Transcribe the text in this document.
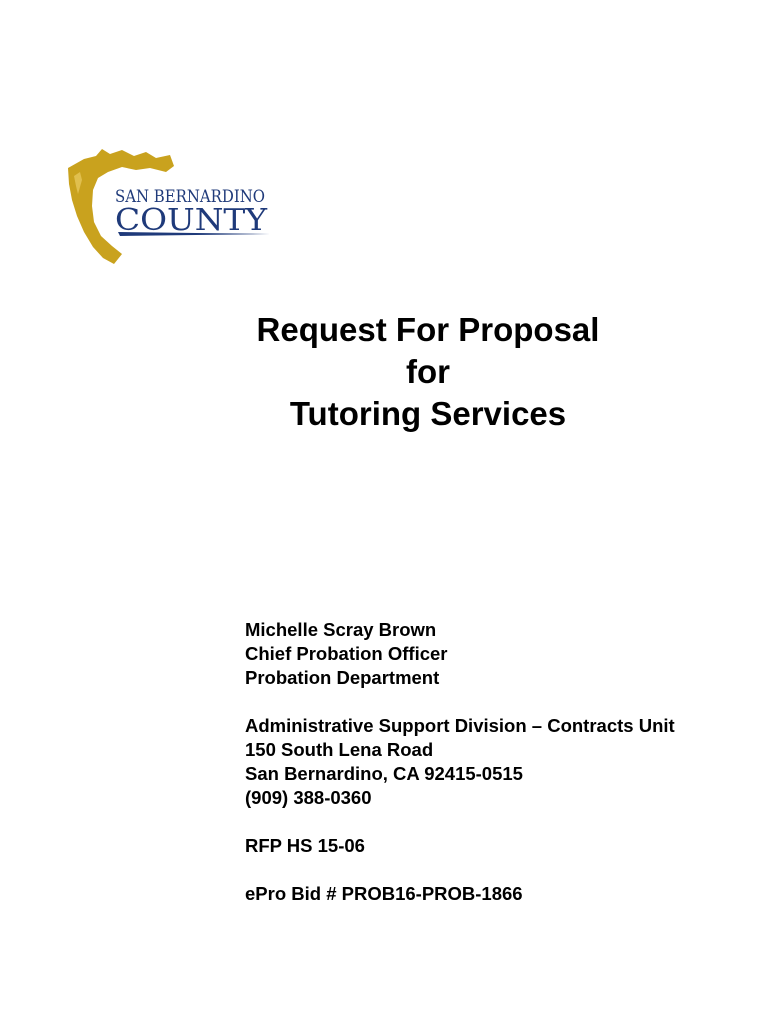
SAN BERNARDINO
COUNTY
Request For Proposal
for
Tutoring Services
Michelle Scray Brown
Chief Probation Officer
Probation Department
Administrative Support Division – Contracts Unit
150 South Lena Road
San Bernardino, CA 92415-0515
(909) 388-0360
RFP HS 15-06
ePro Bid # PROB16-PROB-1866
